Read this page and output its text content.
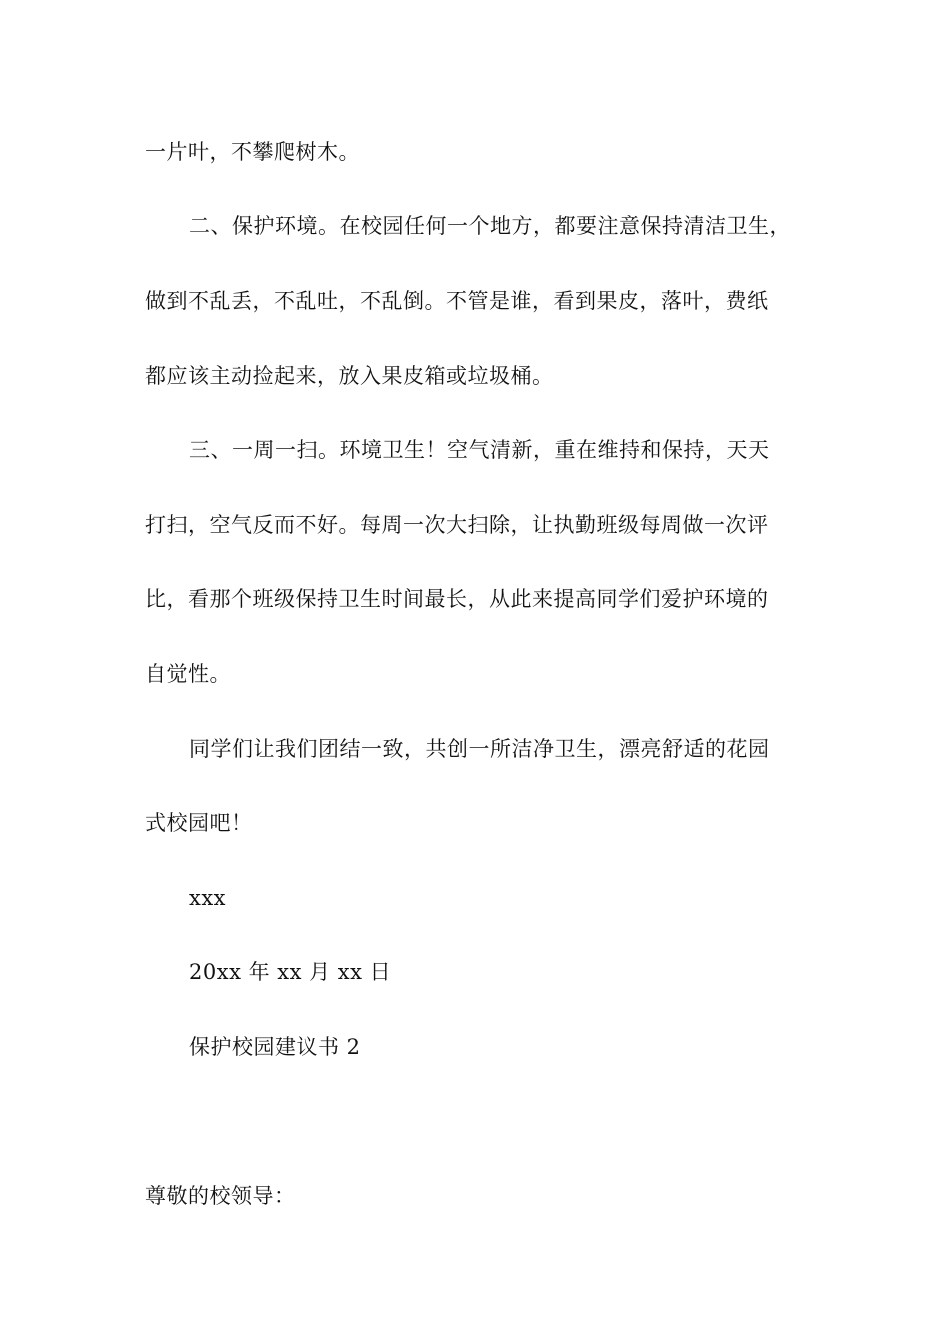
一片叶，不攀爬树木。
二、保护环境。在校园任何一个地方，都要注意保持清洁卫生，
做到不乱丢，不乱吐，不乱倒。不管是谁，看到果皮，落叶，费纸
都应该主动捡起来，放入果皮箱或垃圾桶。
三、一周一扫。环境卫生！空气清新，重在维持和保持，天天
打扫，空气反而不好。每周一次大扫除，让执勤班级每周做一次评
比，看那个班级保持卫生时间最长，从此来提高同学们爱护环境的
自觉性。
同学们让我们团结一致，共创一所洁净卫生，漂亮舒适的花园
式校园吧！
xxx
20xx 年 xx 月 xx 日
保护校园建议书 2
尊敬的校领导：
